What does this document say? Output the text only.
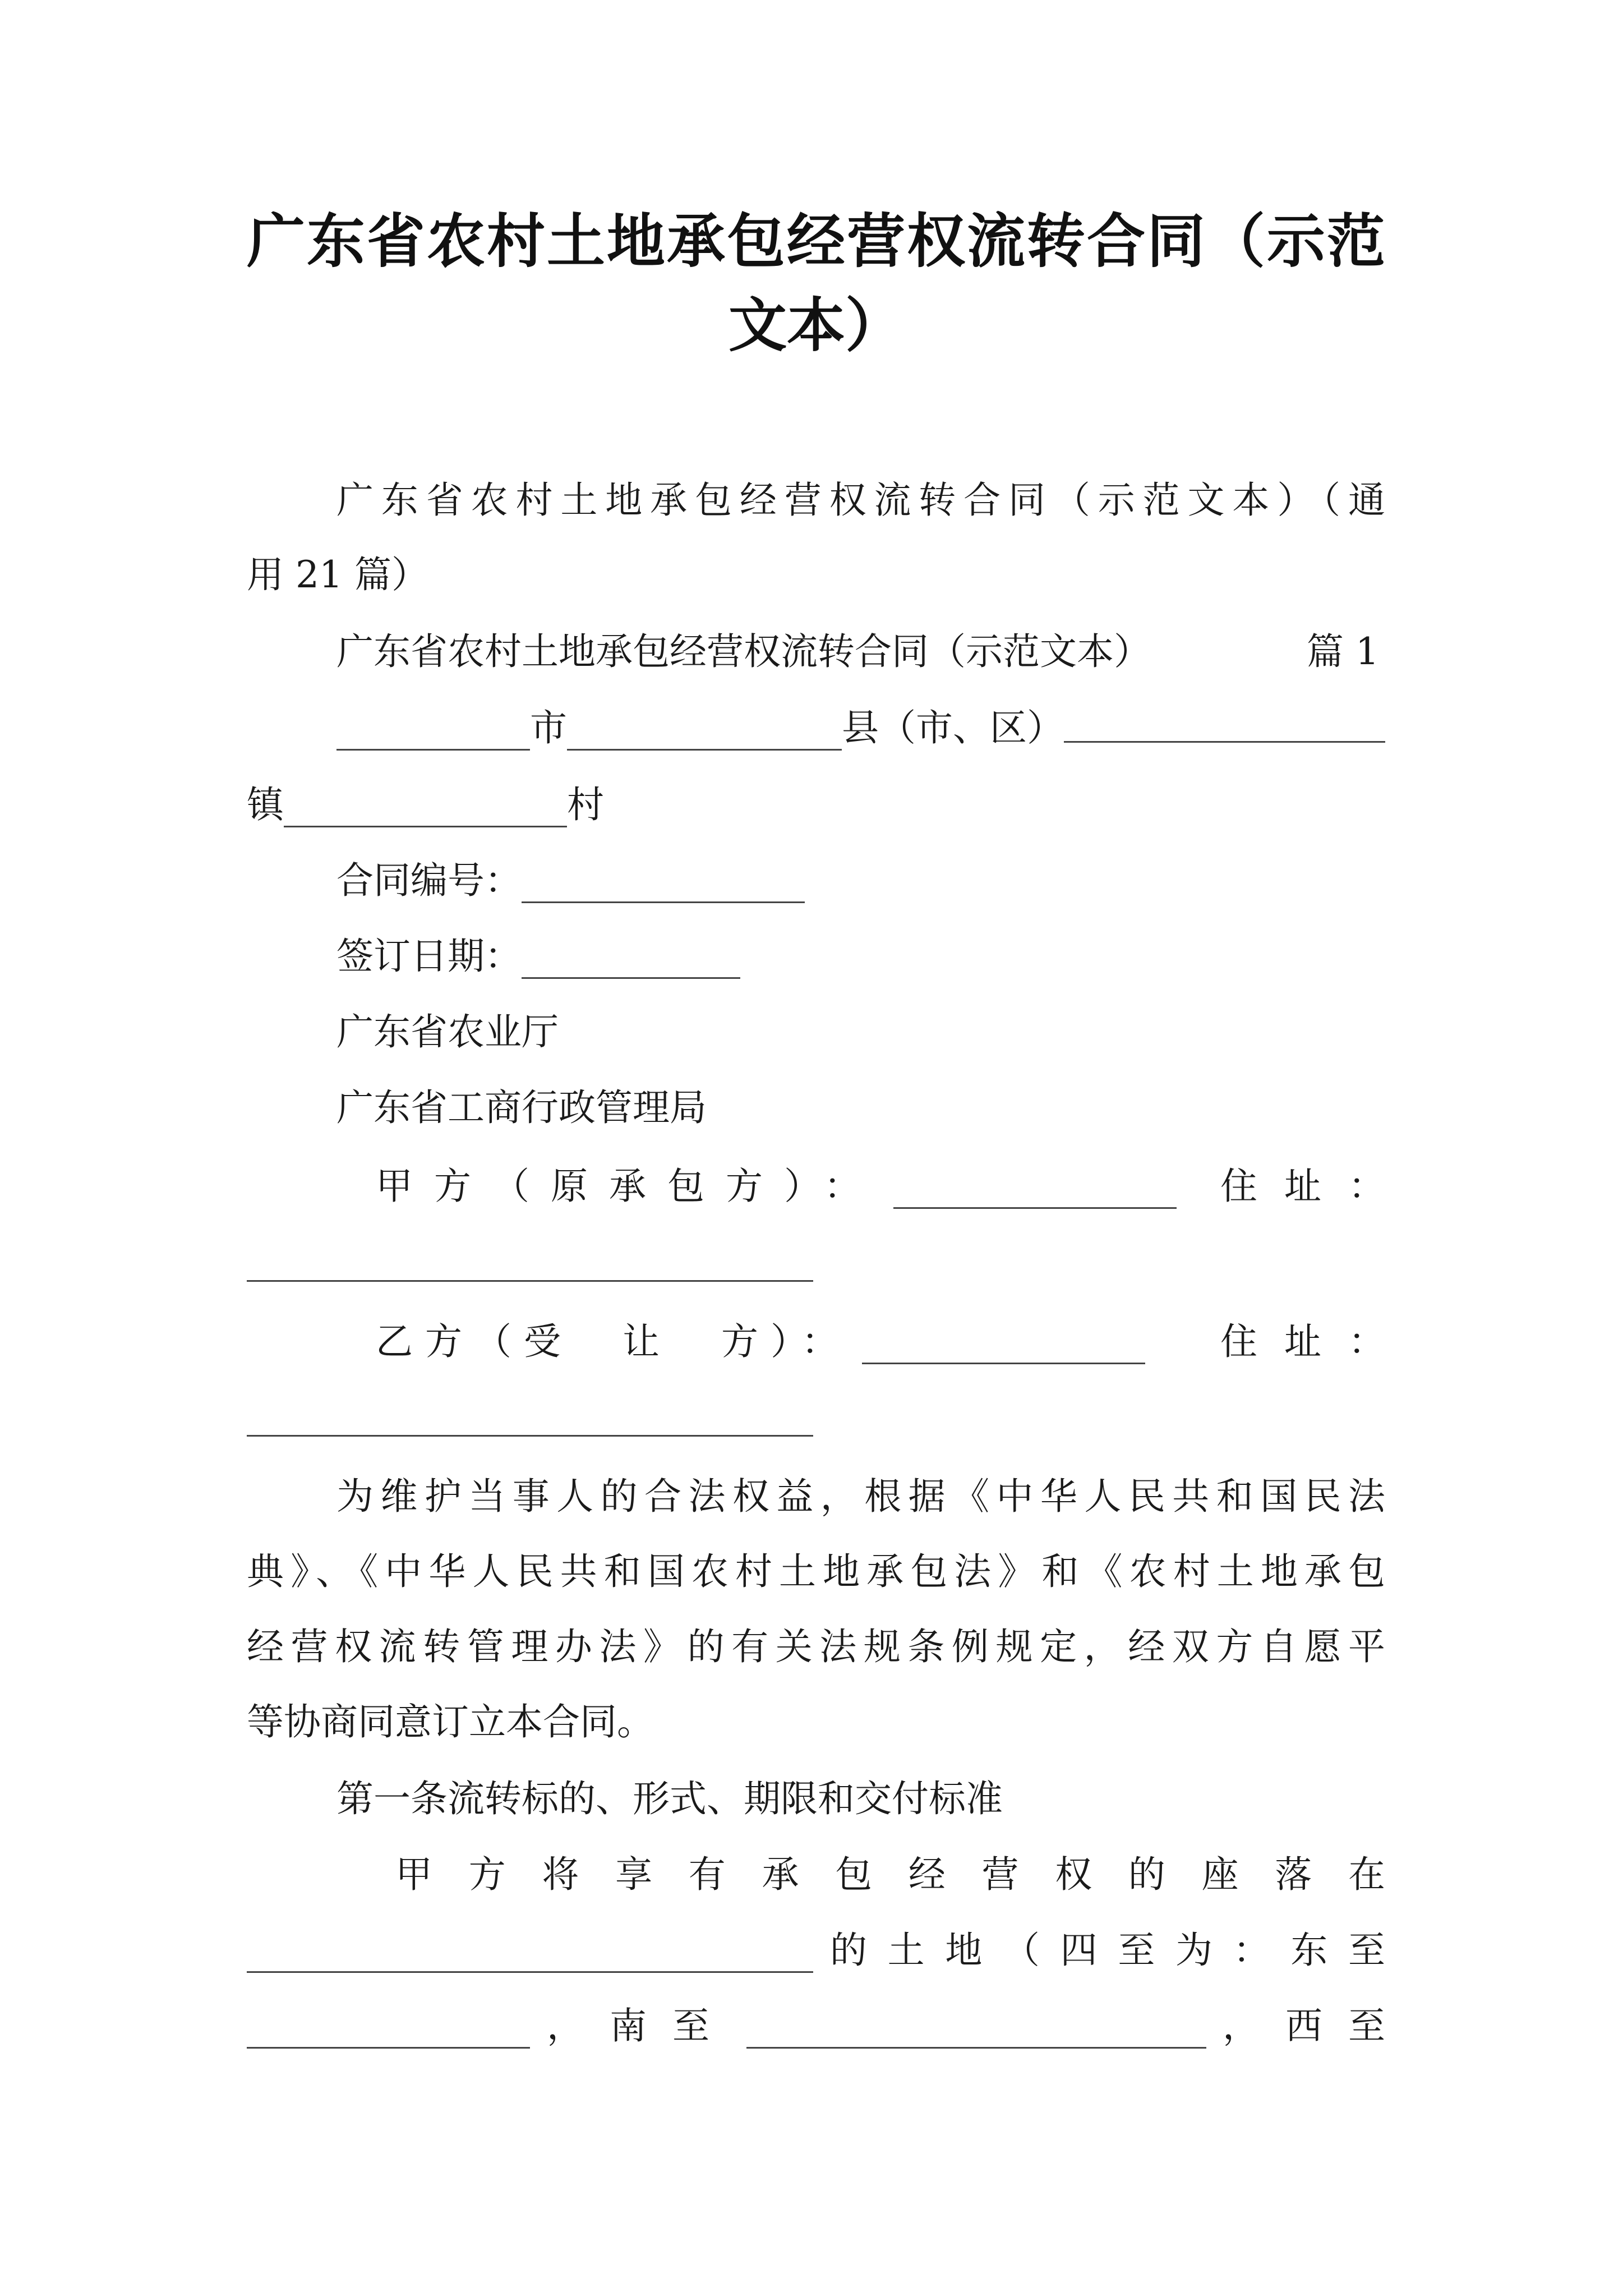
广东省农村土地承包经营权流转合同（示范
文本）
广东省农村土地承包经营权流转合同（示范文本）（通
用 21 篇）
广东省农村土地承包经营权流转合同（示范文本）	篇 1
市	县（市、区）
镇	村
合同编号：
签订日期：
广东省农业厅
广东省工商行政管理局
甲方（原承包方）：	住址：
乙方（受　让　方）：	住址：
为维护当事人的合法权益，根据《中华人民共和国民法
典》、《中华人民共和国农村土地承包法》和《农村土地承包
经营权流转管理办法》的有关法规条例规定，经双方自愿平
等协商同意订立本合同。
第一条流转标的、形式、期限和交付标准
甲方将享有承包经营权的座落在
的土地（四至为：东至
，南至	，西至
